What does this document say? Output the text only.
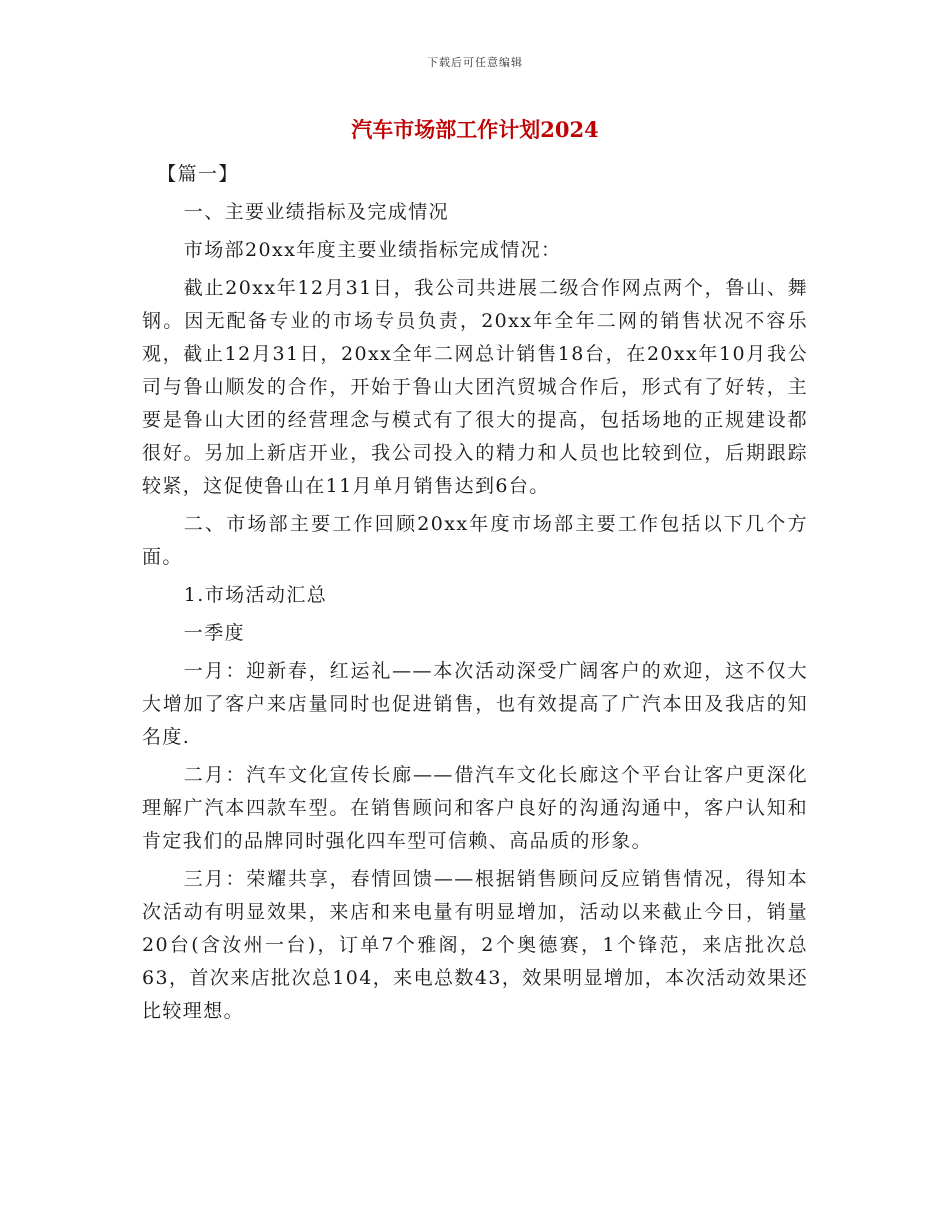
下载后可任意编辑
汽车市场部工作计划2024

【篇一】

一、主要业绩指标及完成情况

市场部20xx年度主要业绩指标完成情况：

截止20xx年12月31日，我公司共进展二级合作网点两个，鲁山、舞钢。因无配备专业的市场专员负责，20xx年全年二网的销售状况不容乐观，截止12月31日，20xx全年二网总计销售18台，在20xx年10月我公司与鲁山顺发的合作，开始于鲁山大团汽贸城合作后，形式有了好转，主要是鲁山大团的经营理念与模式有了很大的提高，包括场地的正规建设都很好。另加上新店开业，我公司投入的精力和人员也比较到位，后期跟踪较紧，这促使鲁山在11月单月销售达到6台。

二、市场部主要工作回顾20xx年度市场部主要工作包括以下几个方面。

1.市场活动汇总

一季度

一月：迎新春，红运礼——本次活动深受广阔客户的欢迎，这不仅大大增加了客户来店量同时也促进销售，也有效提高了广汽本田及我店的知名度.

二月：汽车文化宣传长廊——借汽车文化长廊这个平台让客户更深化理解广汽本四款车型。在销售顾问和客户良好的沟通沟通中，客户认知和肯定我们的品牌同时强化四车型可信赖、高品质的形象。

三月：荣耀共享，春情回馈——根据销售顾问反应销售情况，得知本次活动有明显效果，来店和来电量有明显增加，活动以来截止今日，销量20台(含汝州一台)，订单7个雅阁，2个奥德赛，1个锋范，来店批次总63，首次来店批次总104，来电总数43，效果明显增加，本次活动效果还比较理想。
